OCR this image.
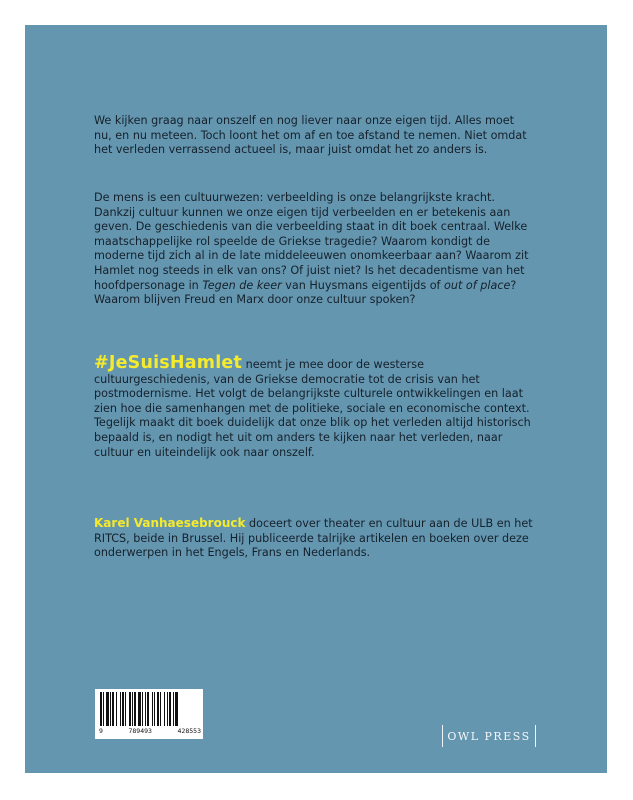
We kijken graag naar onszelf en nog liever naar onze eigen tijd. Alles moet nu, en nu meteen. Toch loont het om af en toe afstand te nemen. Niet omdat het verleden verrassend actueel is, maar juist omdat het zo anders is.

De mens is een cultuurwezen: verbeelding is onze belangrijkste kracht. Dankzij cultuur kunnen we onze eigen tijd verbeelden en er betekenis aan geven. De geschiedenis van die verbeelding staat in dit boek centraal. Welke maatschappelijke rol speelde de Griekse tragedie? Waarom kondigt de moderne tijd zich al in de late middeleeuwen onomkeerbaar aan? Waarom zit Hamlet nog steeds in elk van ons? Of juist niet? Is het decadentisme van het hoofdpersonage in Tegen de keer van Huysmans eigentijds of out of place? Waarom blijven Freud en Marx door onze cultuur spoken?

#JeSuisHamlet neemt je mee door de westerse cultuurgeschiedenis, van de Griekse democratie tot de crisis van het postmodernisme. Het volgt de belangrijkste culturele ontwikkelingen en laat zien hoe die samenhangen met de politieke, sociale en economische context. Tegelijk maakt dit boek duidelijk dat onze blik op het verleden altijd historisch bepaald is, en nodigt het uit om anders te kijken naar het verleden, naar cultuur en uiteindelijk ook naar onszelf.

Karel Vanhaesebrouck doceert over theater en cultuur aan de ULB en het RITCS, beide in Brussel. Hij publiceerde talrijke artikelen en boeken over deze onderwerpen in het Engels, Frans en Nederlands.

9	789493	428553	OWL PRESS
